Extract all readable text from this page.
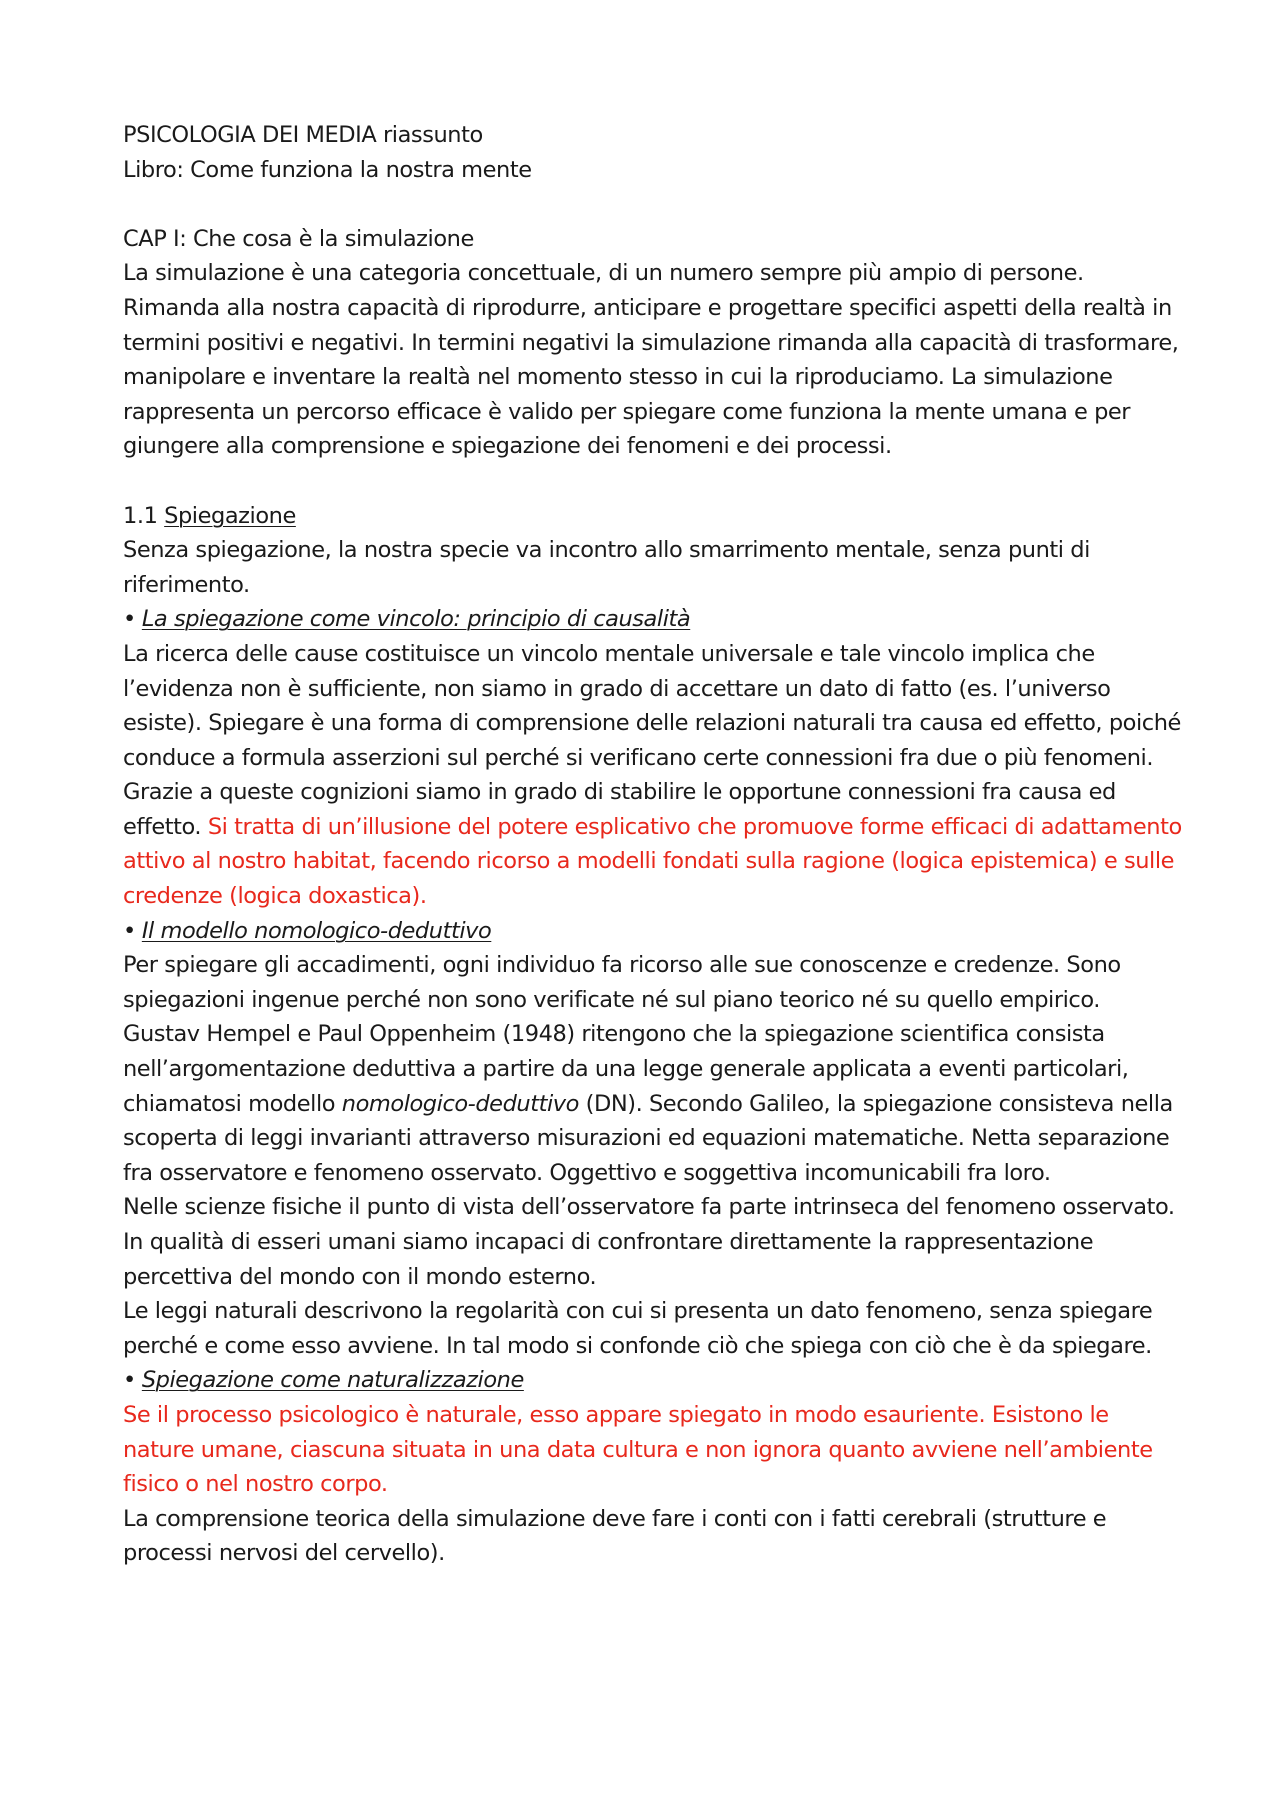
PSICOLOGIA DEI MEDIA riassunto

Libro: Come funziona la nostra mente

CAP I: Che cosa è la simulazione

La simulazione è una categoria concettuale, di un numero sempre più ampio di persone. Rimanda alla nostra capacità di riprodurre, anticipare e progettare specifici aspetti della realtà in termini positivi e negativi. In termini negativi la simulazione rimanda alla capacità di trasformare, manipolare e inventare la realtà nel momento stesso in cui la riproduciamo. La simulazione rappresenta un percorso efficace è valido per spiegare come funziona la mente umana e per giungere alla comprensione e spiegazione dei fenomeni e dei processi.

1.1 Spiegazione

Senza spiegazione, la nostra specie va incontro allo smarrimento mentale, senza punti di riferimento.

• La spiegazione come vincolo: principio di causalità

La ricerca delle cause costituisce un vincolo mentale universale e tale vincolo implica che l’evidenza non è sufficiente, non siamo in grado di accettare un dato di fatto (es. l’universo esiste). Spiegare è una forma di comprensione delle relazioni naturali tra causa ed effetto, poiché conduce a formula asserzioni sul perché si verificano certe connessioni fra due o più fenomeni. Grazie a queste cognizioni siamo in grado di stabilire le opportune connessioni fra causa ed effetto. Si tratta di un’illusione del potere esplicativo che promuove forme efficaci di adattamento attivo al nostro habitat, facendo ricorso a modelli fondati sulla ragione (logica epistemica) e sulle credenze (logica doxastica).

• Il modello nomologico-deduttivo

Per spiegare gli accadimenti, ogni individuo fa ricorso alle sue conoscenze e credenze. Sono spiegazioni ingenue perché non sono verificate né sul piano teorico né su quello empirico. Gustav Hempel e Paul Oppenheim (1948) ritengono che la spiegazione scientifica consista nell’argomentazione deduttiva a partire da una legge generale applicata a eventi particolari, chiamatosi modello nomologico-deduttivo (DN). Secondo Galileo, la spiegazione consisteva nella scoperta di leggi invarianti attraverso misurazioni ed equazioni matematiche. Netta separazione fra osservatore e fenomeno osservato. Oggettivo e soggettiva incomunicabili fra loro.

Nelle scienze fisiche il punto di vista dell’osservatore fa parte intrinseca del fenomeno osservato. In qualità di esseri umani siamo incapaci di confrontare direttamente la rappresentazione percettiva del mondo con il mondo esterno.

Le leggi naturali descrivono la regolarità con cui si presenta un dato fenomeno, senza spiegare perché e come esso avviene. In tal modo si confonde ciò che spiega con ciò che è da spiegare.

• Spiegazione come naturalizzazione

Se il processo psicologico è naturale, esso appare spiegato in modo esauriente. Esistono le nature umane, ciascuna situata in una data cultura e non ignora quanto avviene nell’ambiente fisico o nel nostro corpo.

La comprensione teorica della simulazione deve fare i conti con i fatti cerebrali (strutture e processi nervosi del cervello).
